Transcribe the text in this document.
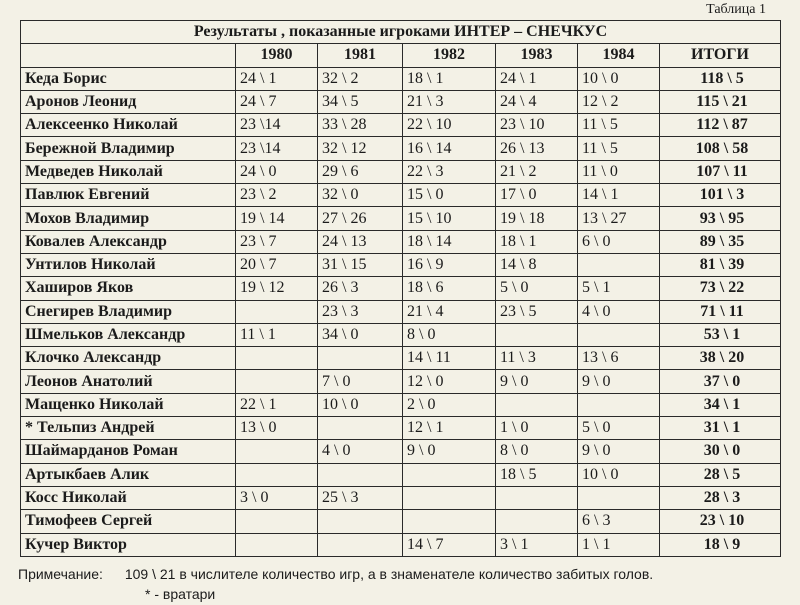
Таблица 1
Результаты , показанные игроками ИНТЕР – СНЕЧКУС						
	1980	1981	1982	1983	1984	ИТОГИ
Кеда Борис	24 \ 1	32 \ 2	18 \ 1	24 \ 1	10 \ 0	118 \ 5
Аронов Леонид	24 \ 7	34 \ 5	21 \ 3	24 \ 4	12 \ 2	115 \ 21
Алексеенко Николай	23 \14	33 \ 28	22 \ 10	23 \ 10	11 \ 5	112 \ 87
Бережной Владимир	23 \14	32 \ 12	16 \ 14	26 \ 13	11 \ 5	108 \ 58
Медведев Николай	24 \ 0	29 \ 6	22 \ 3	21 \ 2	11 \ 0	107 \ 11
Павлюк Евгений	23 \ 2	32 \ 0	15 \ 0	17 \ 0	14 \ 1	101 \ 3
Мохов Владимир	19 \ 14	27 \ 26	15 \ 10	19 \ 18	13 \ 27	93 \ 95
Ковалев Александр	23 \ 7	24 \ 13	18 \ 14	18 \ 1	6 \ 0	89 \ 35
Унтилов Николай	20 \ 7	31 \ 15	16 \ 9	14 \ 8		81 \ 39
Хаширов Яков	19 \ 12	26 \ 3	18 \ 6	5 \ 0	5 \ 1	73 \ 22
Снегирев Владимир		23 \ 3	21 \ 4	23 \ 5	4 \ 0	71 \ 11
Шмельков Александр	11 \ 1	34 \ 0	8 \ 0			53 \ 1
Клочко Александр			14 \ 11	11 \ 3	13 \ 6	38 \ 20
Леонов Анатолий		7 \ 0	12 \ 0	9 \ 0	9 \ 0	37 \ 0
Мащенко Николай	22 \ 1	10 \ 0	2 \ 0			34 \ 1
* Тельпиз Андрей	13 \ 0		12 \ 1	1 \ 0	5 \ 0	31 \ 1
Шаймарданов Роман		4 \ 0	9 \ 0	8 \ 0	9 \ 0	30 \ 0
Артыкбаев Алик				18 \ 5	10 \ 0	28 \ 5
Косс Николай	3 \ 0	25 \ 3				28 \ 3
Тимофеев Сергей					6 \ 3	23 \ 10
Кучер Виктор			14 \ 7	3 \ 1	1 \ 1	18 \ 9
Примечание: 109 \ 21 в числителе количество игр, а в знаменателе количество забитых голов.
* - вратари
